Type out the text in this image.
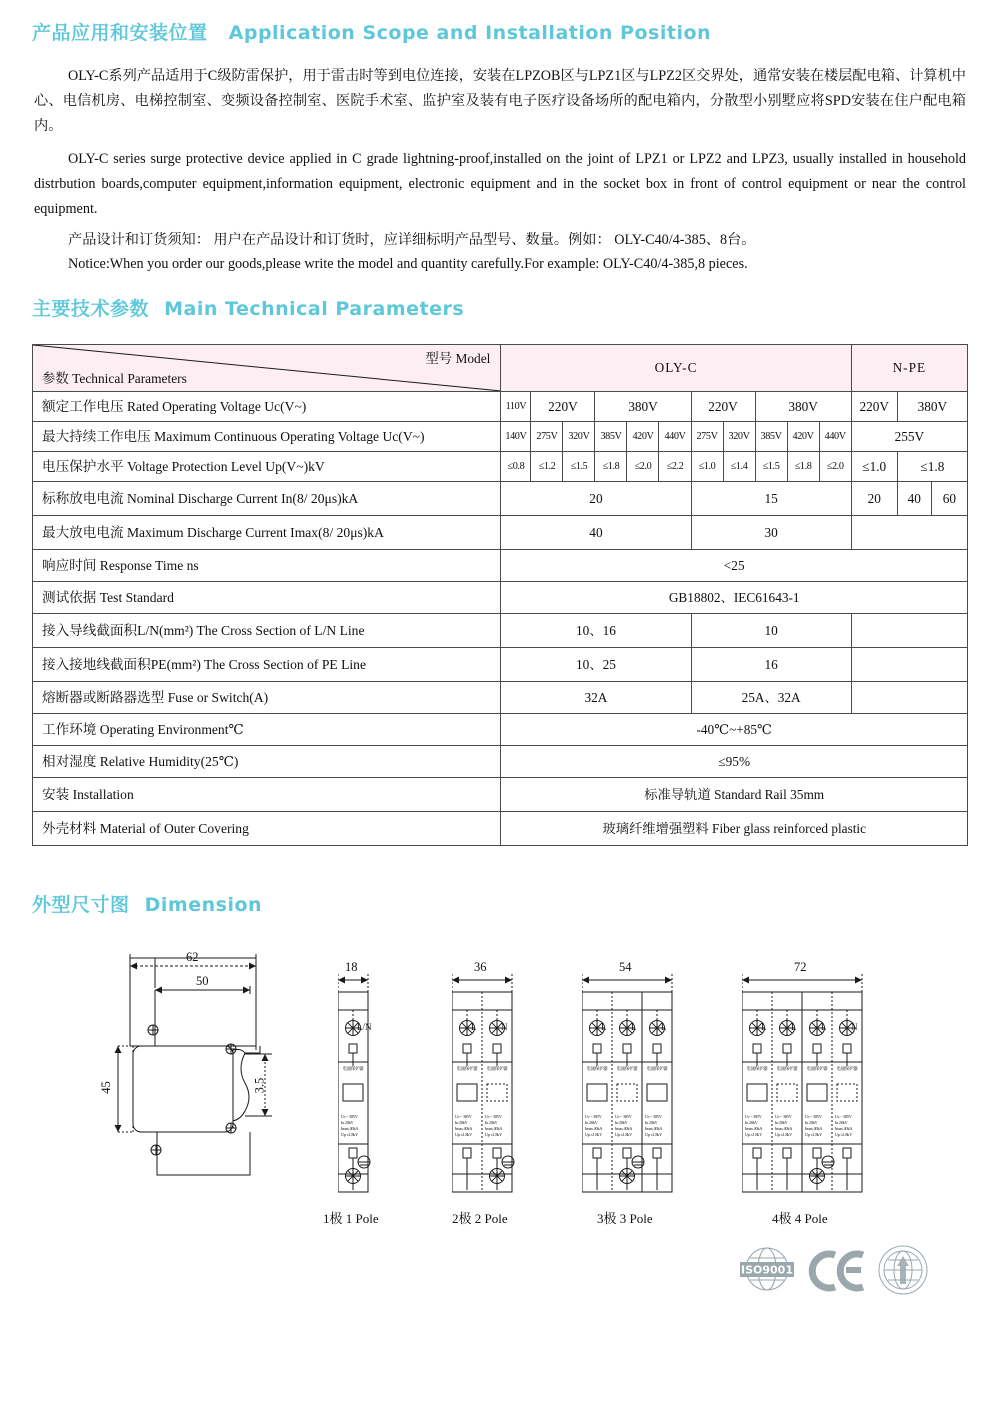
产品应用和安装位置 Application Scope and Installation Position
OLY-C系列产品适用于C级防雷保护，用于雷击时等到电位连接，安装在LPZOB区与LPZ1区与LPZ2区交界处，通常安装在楼层配电箱、计算机中心、电信机房、电梯控制室、变频设备控制室、医院手术室、监护室及装有电子医疗设备场所的配电箱内，分散型小别墅应将SPD安装在住户配电箱内。
OLY-C series surge protective device applied in C grade lightning-proof,installed on the joint of LPZ1 or LPZ2 and LPZ3, usually installed in household distrbution boards,computer equipment,information equipment, electronic equipment and in the socket box in front of control equipment or near the control equipment.
产品设计和订货须知： 用户在产品设计和订货时，应详细标明产品型号、数量。例如： OLY-C40/4-385、8台。
Notice:When you order our goods,please write the model and quantity carefully.For example: OLY-C40/4-385,8 pieces.
主要技术参数 Main Technical Parameters
型号 Model
参数 Technical Parameters	OLY-C											N-PE		
额定工作电压 Rated Operating Voltage Uc(V~)	110V	220V		380V			220V		380V			220V	380V	
最大持续工作电压 Maximum Continuous Operating Voltage Uc(V~)	140V	275V	320V	385V	420V	440V	275V	320V	385V	420V	440V	255V		
电压保护水平 Voltage Protection Level Up(V~)kV	≤0.8	≤1.2	≤1.5	≤1.8	≤2.0	≤2.2	≤1.0	≤1.4	≤1.5	≤1.8	≤2.0	≤1.0	≤1.8	
标称放电电流 Nominal Discharge Current In(8/ 20μs)kA	20						15					20	40	60
最大放电电流 Maximum Discharge Current Imax(8/ 20μs)kA	40						30							
响应时间 Response Time ns	<25													
测试依据 Test Standard	GB18802、IEC61643-1													
接入导线截面积L/N(mm²) The Cross Section of L/N Line	10、16						10							
接入接地线截面积PE(mm²) The Cross Section of PE Line	10、25						16							
熔断器或断路器选型 Fuse or Switch(A)	32A						25A、32A							
工作环境 Operating Environment℃	-40℃~+85℃													
相对湿度 Relative Humidity(25℃)	≤95%													
安装 Installation	标准导轨道 Standard Rail 35mm													
外壳材料 Material of Outer Covering	玻璃纤维增强塑料 Fiber glass reinforced plastic													
外型尺寸图 Dimension
62
50
45	3.5
18
L/N
电涌保护器
Uc ~ 385V
In 20kV
Imax 40kA
Up ≤1.8kV
1极 1 Pole
36
L
电涌保护器
Uc ~ 385V
In 20kV
Imax 40kA
Up ≤1.8kV
N
电涌保护器
Uc ~ 385V
In 20kV
Imax 40kA
Up ≤1.8kV
2极 2 Pole
54
L
电涌保护器
Uc ~ 385V
In 20kV
Imax 40kA
Up ≤1.8kV
L
电涌保护器
Uc ~ 385V
In 20kV
Imax 40kA
Up ≤1.8kV
L
电涌保护器
Uc ~ 385V
In 20kV
Imax 40kA
Up ≤1.8kV
3极 3 Pole
72
L
电涌保护器
Uc ~ 385V
In 20kV
Imax 40kA
Up ≤1.8kV
L
电涌保护器
Uc ~ 385V
In 20kV
Imax 40kA
Up ≤1.8kV
L
电涌保护器
Uc ~ 385V
In 20kV
Imax 40kA
Up ≤1.8kV
N
电涌保护器
Uc ~ 385V
In 20kV
Imax 40kA
Up ≤1.8kV
4极 4 Pole
ISO9001
